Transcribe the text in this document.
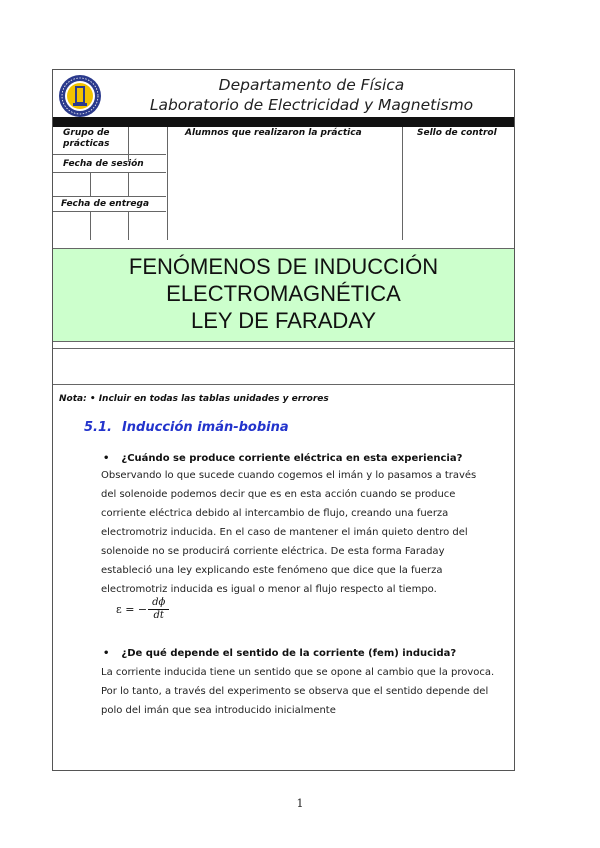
Departamento de Física
Laboratorio de Electricidad y Magnetismo
Grupo de
prácticas
Alumnos que realizaron la práctica	Sello de control
Fecha de sesión
Fecha de entrega
FENÓMENOS DE INDUCCIÓN
ELECTROMAGNÉTICA
LEY DE FARADAY
Nota: • Incluir en todas las tablas unidades y errores
5.1. Inducción imán-bobina
• ¿Cuándo se produce corriente eléctrica en esta experiencia?
Observando lo que sucede cuando cogemos el imán y lo pasamos a través
del solenoide podemos decir que es en esta acción cuando se produce
corriente eléctrica debido al intercambio de flujo, creando una fuerza
electromotriz inducida. En el caso de mantener el imán quieto dentro del
solenoide no se producirá corriente eléctrica. De esta forma Faraday
estableció una ley explicando este fenómeno que dice que la fuerza
electromotriz inducida es igual o menor al flujo respecto al tiempo.
ε = − $\frac{d\phi}{dt}$
• ¿De qué depende el sentido de la corriente (fem) inducida?
La corriente inducida tiene un sentido que se opone al cambio que la provoca.
Por lo tanto, a través del experimento se observa que el sentido depende del
polo del imán que sea introducido inicialmente
1
